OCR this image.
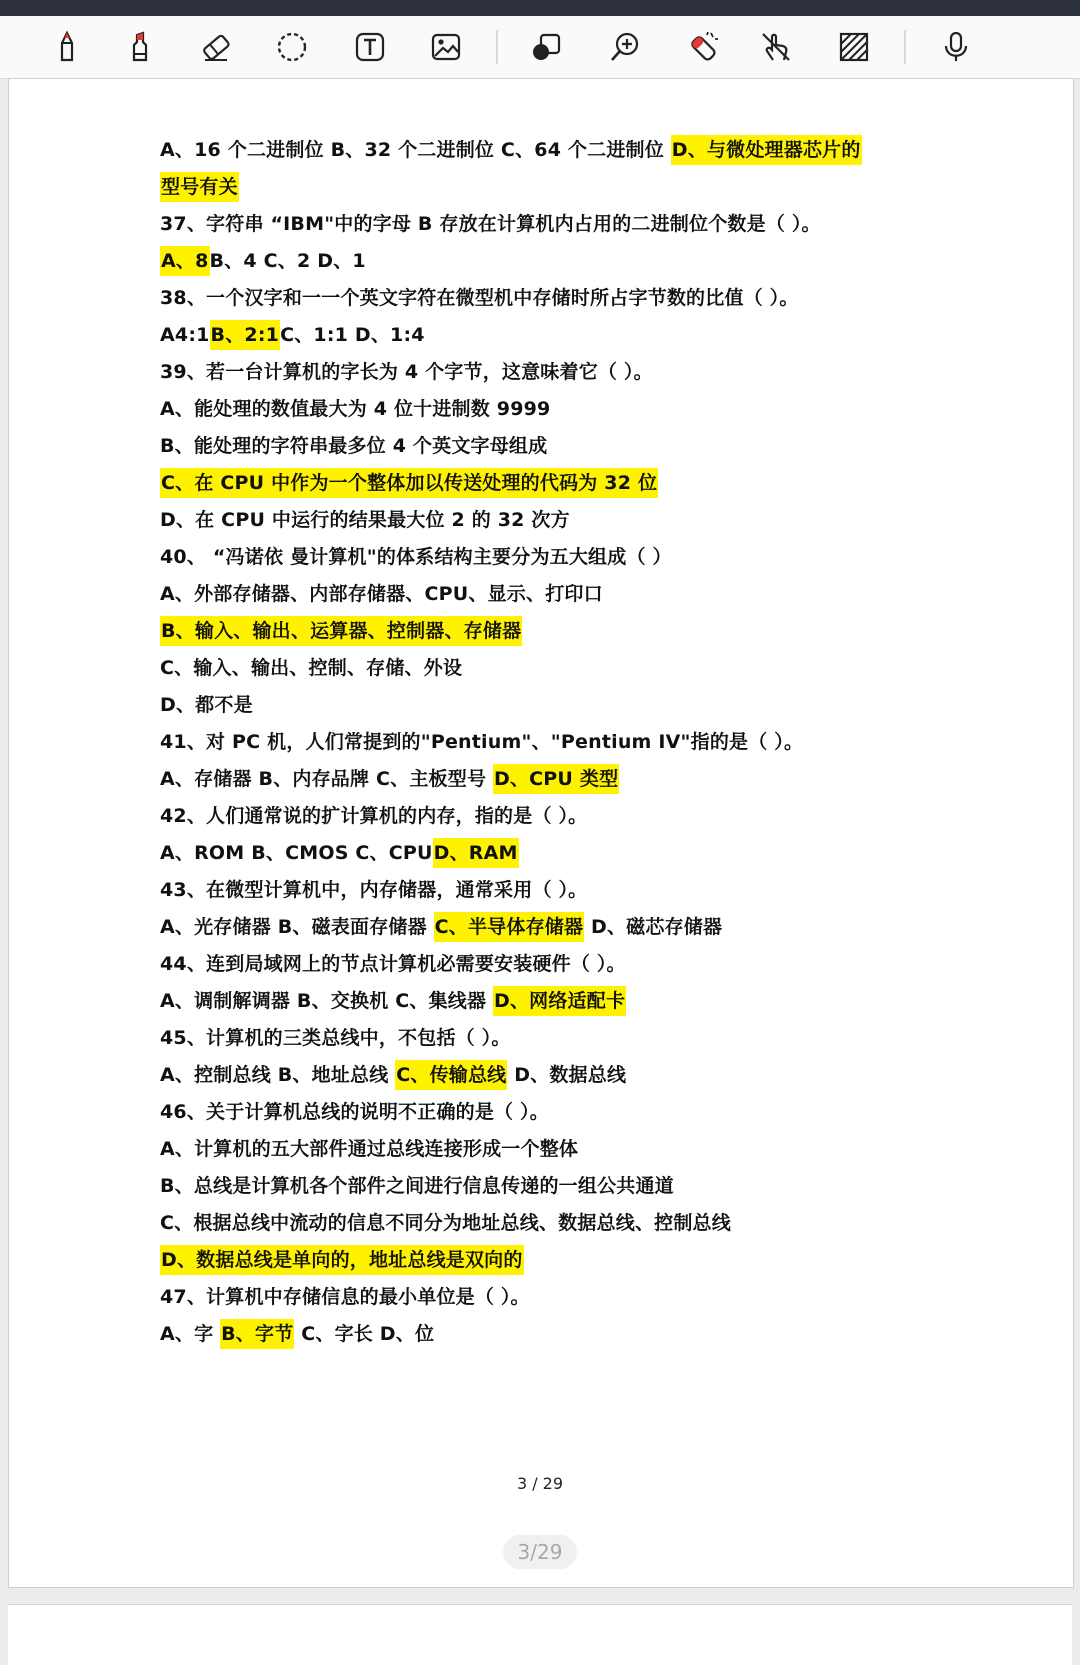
A、16 个二进制位 B、32 个二进制位 C、64 个二进制位 D、与微处理器芯片的
型号有关
37、字符串 “IBM"中的字母 B 存放在计算机内占用的二进制位个数是（ ）。
A、8B、4 C、2 D、1
38、一个汉字和一一个英文字符在微型机中存储时所占字节数的比值（ ）。
A4:1B、2:1C、1:1 D、1:4
39、若一台计算机的字长为 4 个字节，这意味着它（ ）。
A、能处理的数值最大为 4 位十进制数 9999
B、能处理的字符串最多位 4 个英文字母组成
C、在 CPU 中作为一个整体加以传送处理的代码为 32 位
D、在 CPU 中运行的结果最大位 2 的 32 次方
40、 “冯诺依 曼计算机"的体系结构主要分为五大组成（ ）
A、外部存储器、内部存储器、CPU、显示、打印口
B、输入、输出、运算器、控制器、存储器
C、输入、输出、控制、存储、外设
D、都不是
41、对 PC 机，人们常提到的"Pentium"、"Pentium IV"指的是（ ）。
A、存储器 B、内存品牌 C、主板型号 D、CPU 类型
42、人们通常说的扩计算机的内存，指的是（ ）。
A、ROM B、CMOS C、CPUD、RAM
43、在微型计算机中，内存储器，通常采用（ ）。
A、光存储器 B、磁表面存储器 C、半导体存储器 D、磁芯存储器
44、连到局域网上的节点计算机必需要安装硬件（ ）。
A、调制解调器 B、交换机 C、集线器 D、网络适配卡
45、计算机的三类总线中，不包括（ ）。
A、控制总线 B、地址总线 C、传输总线 D、数据总线
46、关于计算机总线的说明不正确的是（ ）。
A、计算机的五大部件通过总线连接形成一个整体
B、总线是计算机各个部件之间进行信息传递的一组公共通道
C、根据总线中流动的信息不同分为地址总线、数据总线、控制总线
D、数据总线是单向的，地址总线是双向的
47、计算机中存储信息的最小单位是（ ）。
A、字 B、字节 C、字长 D、位
3 / 29
3/29
